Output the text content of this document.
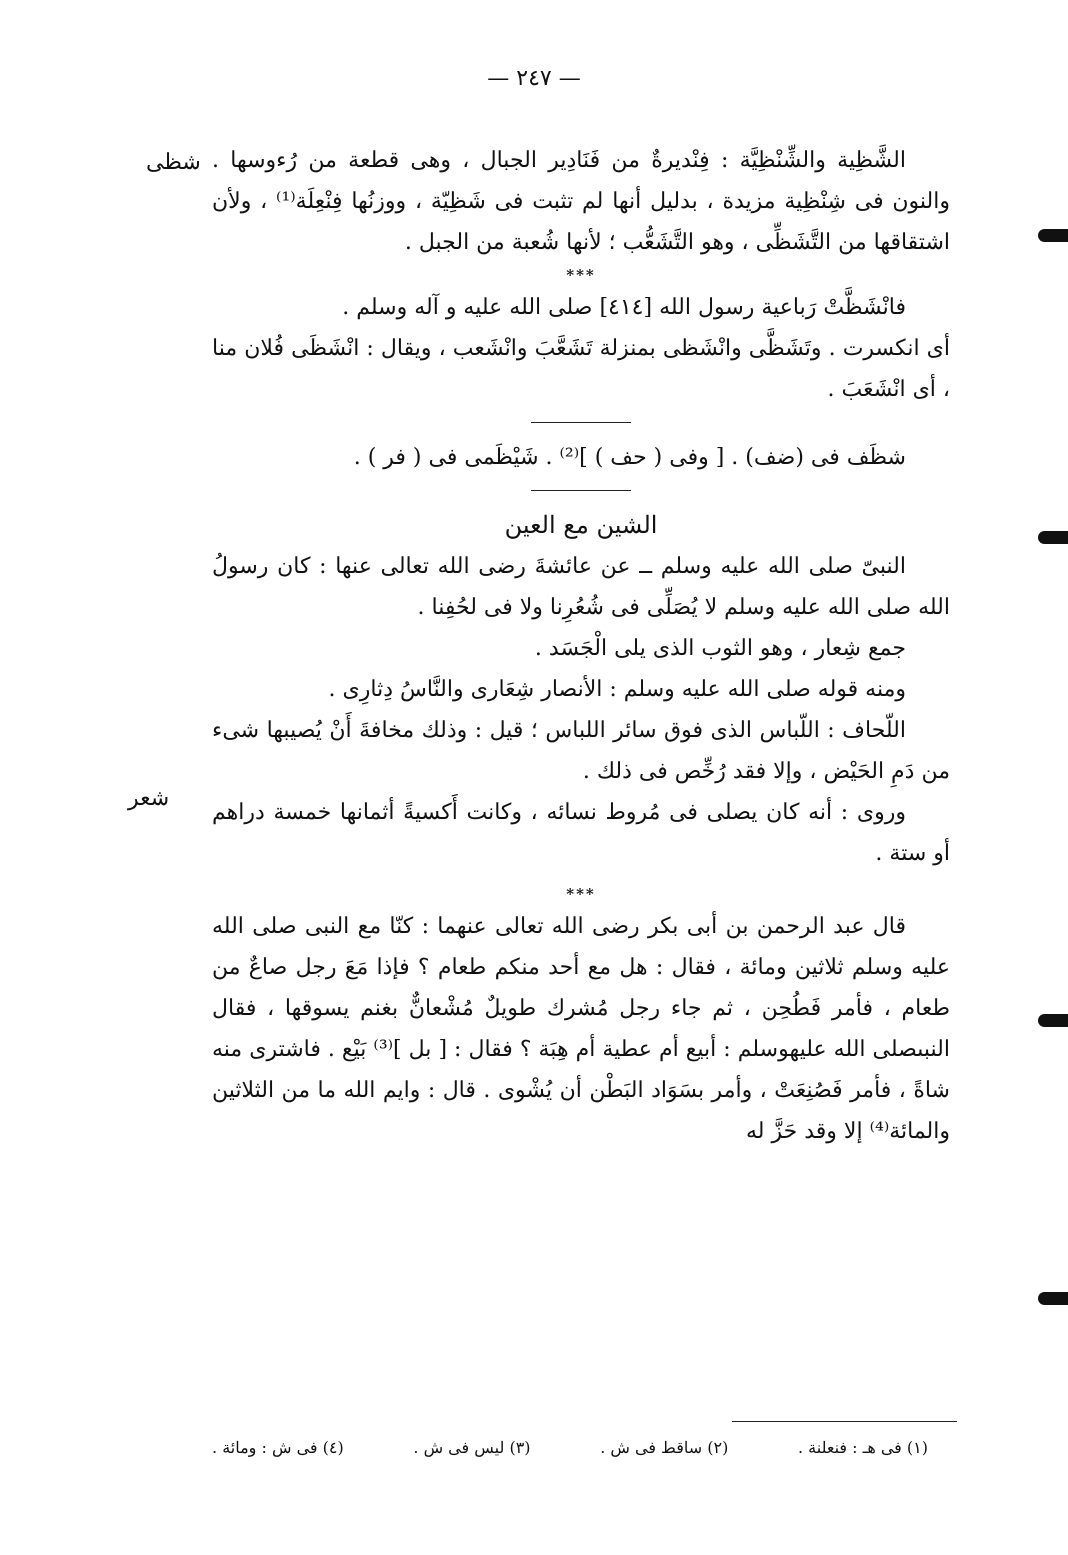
— ٢٤٧ —
شظى
شعر

الشَّظِية والشِّنْظِيَّة : فِنْديرةٌ من فَنَادِير الجبال ، وهى قطعة من رُءوسها . والنون فى شِنْظِية مزيدة ، بدليل أنها لم تثبت فى شَظِيّة ، ووزنُها فِنْعِلَة⁽¹⁾ ، ولأن اشتقاقها من التَّشَظِّى ، وهو التَّشَعُّب ؛ لأنها شُعبة من الجبل .

***

فانْشَظَّتْ رَباعية رسول الله [٤١٤] صلى الله عليه و آله وسلم .

أى انكسرت . وتَشَظَّى وانْشَظى بمنزلة تَشَعَّبَ وانْشَعب ، ويقال : انْشَظَى فُلان منا ، أى انْشَعَبَ .

شظَف فى (ضف) . [ وفى ( حف ) ]⁽²⁾ . شَيْظَمى فى ( فر ) .

الشين مع العين

النبىّ صلى الله عليه وسلم ــ عن عائشةَ رضى الله تعالى عنها : كان رسولُ الله صلى الله عليه وسلم لا يُصَلِّى فى شُعُرِنا ولا فى لحُفِنا .

جمع شِعار ، وهو الثوب الذى يلى الْجَسَد .

ومنه قوله صلى الله عليه وسلم : الأنصار شِعَارى والنَّاسُ دِثارِى .

اللّحاف : اللّباس الذى فوق سائر اللباس ؛ قيل : وذلك مخافةَ أَنْ يُصيبها شىء من دَمِ الحَيْض ، وإلا فقد رُخِّص فى ذلك .

وروى : أنه كان يصلى فى مُروط نسائه ، وكانت أَكسيةً أثمانها خمسة دراهم أو ستة .

***

قال عبد الرحمن بن أبى بكر رضى الله تعالى عنهما : كنّا مع النبى صلى الله عليه وسلم ثلاثين ومائة ، فقال : هل مع أحد منكم طعام ؟ فإذا مَعَ رجل صاعٌ من طعام ، فأمر فَطُحِن ، ثم جاء رجل مُشرك طويلٌ مُشْعانٌّ بغنم يسوقها ، فقال النبىصلى الله عليهوسلم : أبيع أم عطية أم هِبَة ؟ فقال : [ بل ]⁽³⁾ بَيْع . فاشترى منه شاةً ، فأمر فَصُنِعَتْ ، وأمر بسَوَاد البَطْن أن يُشْوى . قال : وايم الله ما من الثلاثين والمائة⁽⁴⁾ إلا وقد حَزَّ له

(١) فى هـ : فنعلنة .
(٢) ساقط فى ش .
(٣) ليس فى ش .
(٤) فى ش : ومائة .
